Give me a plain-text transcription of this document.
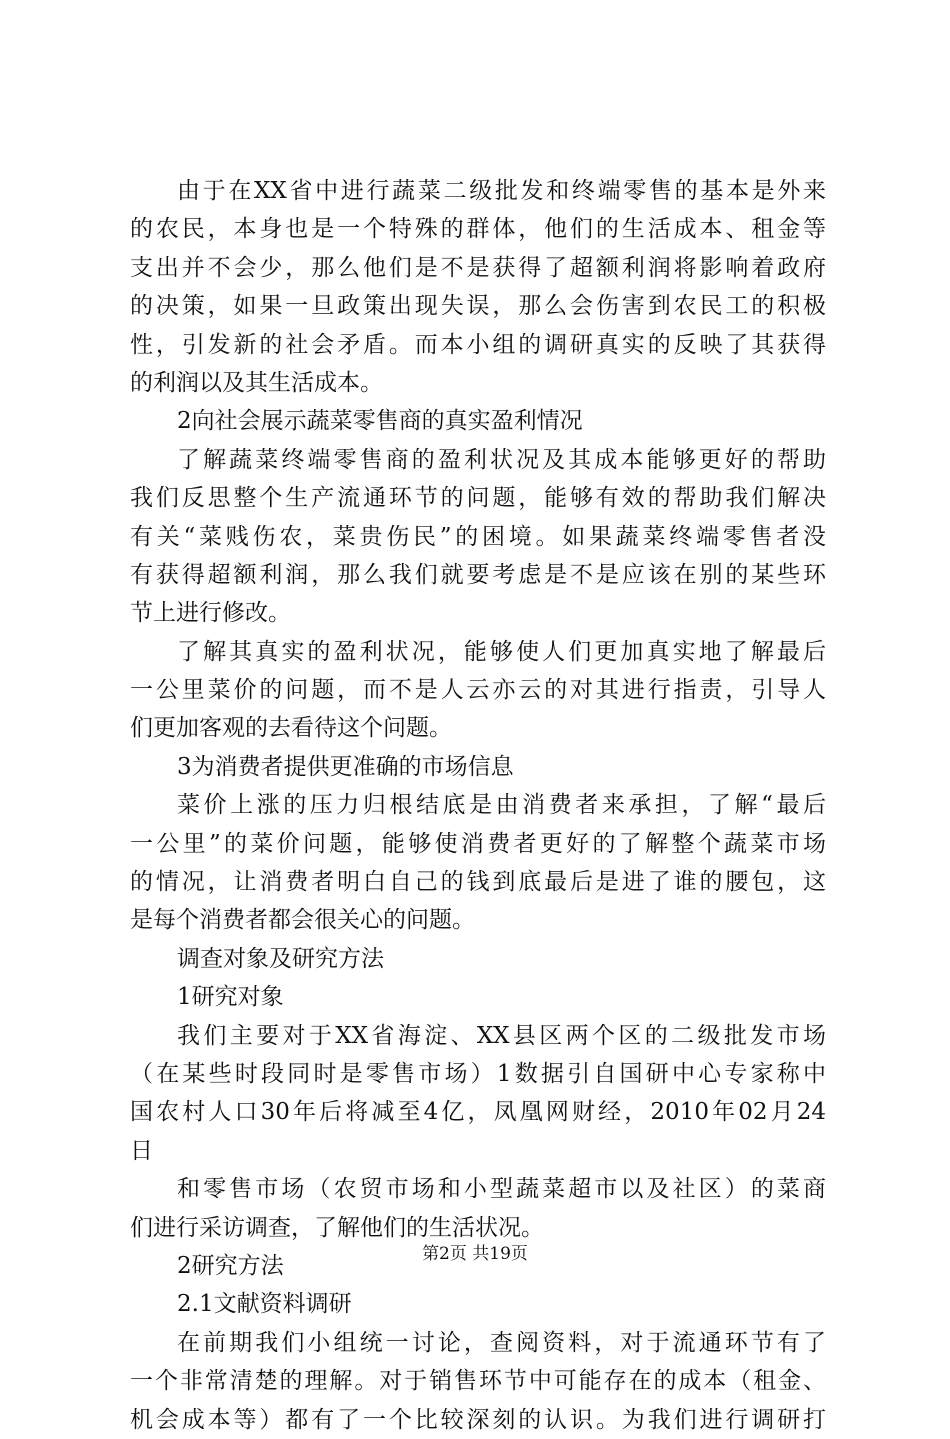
由于在XX省中进行蔬菜二级批发和终端零售的基本是外来
的农民，本身也是一个特殊的群体，他们的生活成本、租金等
支出并不会少，那么他们是不是获得了超额利润将影响着政府
的决策，如果一旦政策出现失误，那么会伤害到农民工的积极
性，引发新的社会矛盾。而本小组的调研真实的反映了其获得
的利润以及其生活成本。
2向社会展示蔬菜零售商的真实盈利情况
了解蔬菜终端零售商的盈利状况及其成本能够更好的帮助
我们反思整个生产流通环节的问题，能够有效的帮助我们解决
有关“菜贱伤农，菜贵伤民”的困境。如果蔬菜终端零售者没
有获得超额利润，那么我们就要考虑是不是应该在别的某些环
节上进行修改。
了解其真实的盈利状况，能够使人们更加真实地了解最后
一公里菜价的问题，而不是人云亦云的对其进行指责，引导人
们更加客观的去看待这个问题。
3为消费者提供更准确的市场信息
菜价上涨的压力归根结底是由消费者来承担，了解“最后
一公里”的菜价问题，能够使消费者更好的了解整个蔬菜市场
的情况，让消费者明白自己的钱到底最后是进了谁的腰包，这
是每个消费者都会很关心的问题。
调查对象及研究方法
1研究对象
我们主要对于XX省海淀、XX县区两个区的二级批发市场
（在某些时段同时是零售市场）1数据引自国研中心专家称中
国农村人口30年后将减至4亿，凤凰网财经，2010年02月24
日
和零售市场（农贸市场和小型蔬菜超市以及社区）的菜商
们进行采访调查，了解他们的生活状况。
2研究方法
2.1文献资料调研
在前期我们小组统一讨论，查阅资料，对于流通环节有了
一个非常清楚的理解。对于销售环节中可能存在的成本（租金、
机会成本等）都有了一个比较深刻的认识。为我们进行调研打
第2页 共19页
